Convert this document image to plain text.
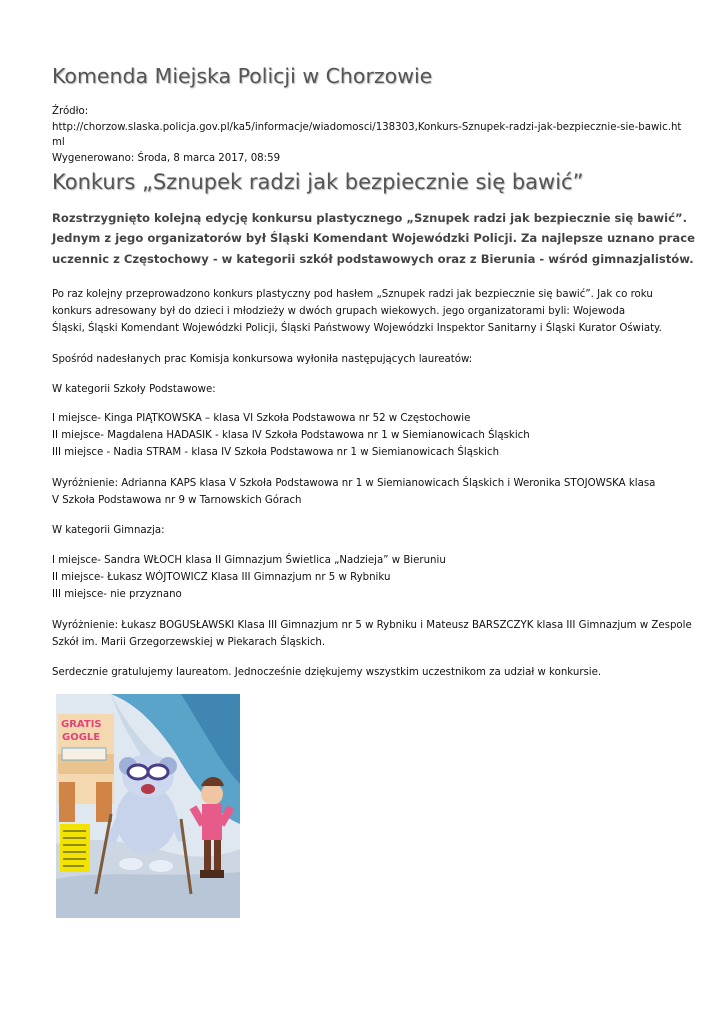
Komenda Miejska Policji w Chorzowie
Źródło:
http://chorzow.slaska.policja.gov.pl/ka5/informacje/wiadomosci/138303,Konkurs-Sznupek-radzi-jak-bezpiecznie-sie-bawic.ht
ml
Wygenerowano: Środa, 8 marca 2017, 08:59
Konkurs „Sznupek radzi jak bezpiecznie się bawić”
Rozstrzygnięto kolejną edycję konkursu plastycznego „Sznupek radzi jak bezpiecznie się bawić”.
Jednym z jego organizatorów był Śląski Komendant Wojewódzki Policji. Za najlepsze uznano prace
uczennic z Częstochowy - w kategorii szkół podstawowych oraz z Bierunia - wśród gimnazjalistów.
Po raz kolejny przeprowadzono konkurs plastyczny pod hasłem „Sznupek radzi jak bezpiecznie się bawić”. Jak co roku
konkurs adresowany był do dzieci i młodzieży w dwóch grupach wiekowych. jego organizatorami byli: Wojewoda
Śląski, Śląski Komendant Wojewódzki Policji, Śląski Państwowy Wojewódzki Inspektor Sanitarny i Śląski Kurator Oświaty.
Spośród nadesłanych prac Komisja konkursowa wyłoniła następujących laureatów:
W kategorii Szkoły Podstawowe:
I miejsce- Kinga PIĄTKOWSKA – klasa VI Szkoła Podstawowa nr 52 w Częstochowie
II miejsce- Magdalena HADASIK - klasa IV Szkoła Podstawowa nr 1 w Siemianowicach Śląskich
III miejsce - Nadia STRAM - klasa IV Szkoła Podstawowa nr 1 w Siemianowicach Śląskich
Wyróżnienie: Adrianna KAPS klasa V Szkoła Podstawowa nr 1 w Siemianowicach Śląskich i Weronika STOJOWSKA klasa
V Szkoła Podstawowa nr 9 w Tarnowskich Górach
W kategorii Gimnazja:
I miejsce- Sandra WŁOCH klasa II Gimnazjum Świetlica „Nadzieja” w Bieruniu
II miejsce- Łukasz WÓJTOWICZ Klasa III Gimnazjum nr 5 w Rybniku
III miejsce- nie przyznano
Wyróżnienie: Łukasz BOGUSŁAWSKI Klasa III Gimnazjum nr 5 w Rybniku i Mateusz BARSZCZYK klasa III Gimnazjum w Zespole
Szkół im. Marii Grzegorzewskiej w Piekarach Śląskich.
Serdecznie gratulujemy laureatom. Jednocześnie dziękujemy wszystkim uczestnikom za udział w konkursie.
GRATIS
GOGLE
